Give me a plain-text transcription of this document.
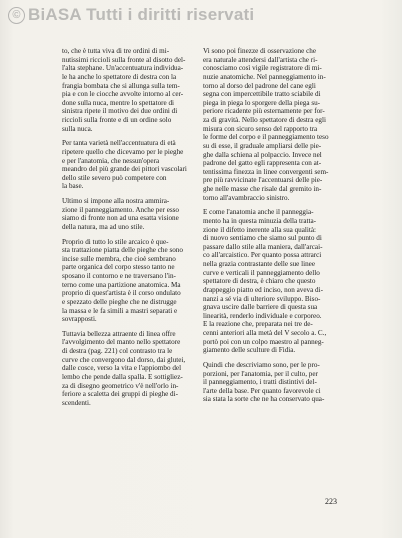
© BiASA Tutti i diritti riservati

to, che è tutta viva di tre ordini di mi-
nutissimi riccioli sulla fronte al disotto del-
l'alta stephane. Un'accentuatura individua-
le ha anche lo spettatore di destra con la
frangia bombata che si allunga sulla tem-
pia e con le ciocche avvolte intorno al cer-
done sulla nuca, mentre lo spettatore di
sinistra ripete il motivo dei due ordini di
riccioli sulla fronte e di un ordine solo
sulla nuca.

Per tanta varietà nell'accentuatura di età
ripetere quello che dicevamo per le pieghe
e per l'anatomia, che nessun'opera
meandro del più grande dei pittori vascolari
dello stile severo può competere con
la base.

Ultimo si impone alla nostra ammira-
zione il panneggiamento. Anche per esso
siamo di fronte non ad una esatta visione
della natura, ma ad uno stile.

Proprio di tutto lo stile arcaico è que-
sta trattazione piatta delle pieghe che sono
incise sulle membra, che cioè sembrano
parte organica del corpo stesso tanto ne
sposano il contorno e ne traversano l'in-
terno come una partizione anatomica. Ma
proprio di quest'artista è il corso ondulato
e spezzato delle pieghe che ne distrugge
la massa e le fa simili a mastri separati e
sovrapposti.

Tuttavia bellezza attraente di linea offre
l'avvolgimento del manto nello spettatore
di destra (pag. 221) col contrasto tra le
curve che convergono dal dorso, dai glutei,
dalle cosce, verso la vita e l'appiombo del
lembo che pende dalla spalla. E sottigliez-
za di disegno geometrico v'è nell'orlo in-
feriore a scaletta dei gruppi di pieghe di-
scendenti.

Vi sono poi finezze di osservazione che
era naturale attendersi dall'artista che ri-
conosciamo così vigile registratore di mi-
nuzie anatomiche. Nel panneggiamento in-
torno al dorso del padrone del cane egli
segna con impercettibile tratto sciabile di
piega in piega lo sporgere della piega su-
periore ricadente più esternamente per for-
za di gravità. Nello spettatore di destra egli
misura con sicuro senso del rapporto tra
le forme del corpo e il panneggiamento teso
su di esse, il graduale ampliarsi delle pie-
ghe dalla schiena al polpaccio. Invece nel
padrone del gatto egli rappresenta con at-
tentissima finezza in linee convergenti sem-
pre più ravvicinate l'accentuarsi delle pie-
ghe nelle masse che risale dal gremito in-
torno all'avambraccio sinistro.

E come l'anatomia anche il panneggia-
mento ha in questa minuzia della tratta-
zione il difetto inerente alla sua qualità:
di nuovo sentiamo che siamo sul punto di
passare dallo stile alla maniera, dall'arcai-
co all'arcaistico. Per quanto possa attrarci
nella grazia contrastante delle sue linee
curve e verticali il panneggiamento dello
spettatore di destra, è chiaro che questo
drappeggio piatto ed inciso, non aveva di-
nanzi a sé via di ulteriore sviluppo. Biso-
gnava uscire dalle barriere di questa sua
linearità, renderlo individuale e corporeo.
E la reazione che, preparata nei tre de-
cenni anteriori alla metà del V secolo a. C.,
portò poi con un colpo maestro al panneg-
giamento delle sculture di Fidia.

Quindi che descriviamo sono, per le pro-
porzioni, per l'anatomia, per il culto, per
il panneggiamento, i tratti distintivi del-
l'arte della base. Per quanto favorevole ci
sia stata la sorte che ne ha conservato qua-

223
